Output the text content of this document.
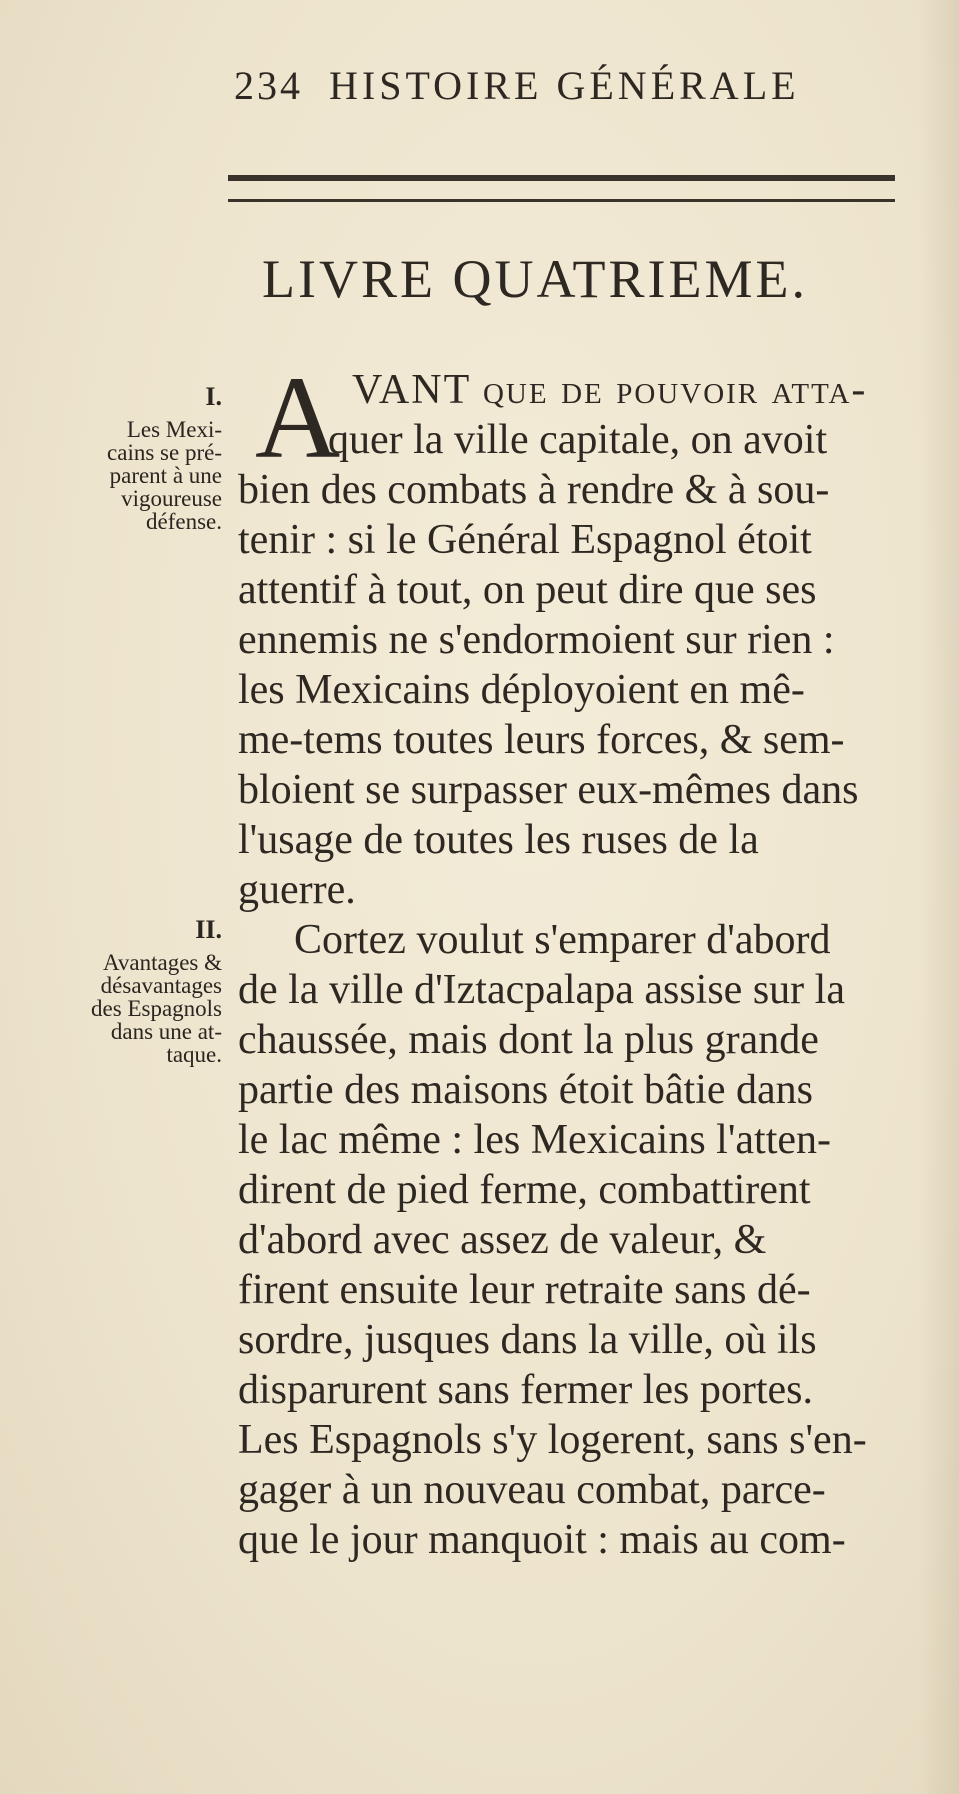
234 HISTOIRE GÉNÉRALE
LIVRE QUATRIEME.
I.
Les Mexi-
cains se pré-
parent à une
vigoureuse
défense.
II.
Avantages &
désavantages
des Espagnols
dans une at-
taque.
A VANT que de pouvoir atta-
quer la ville capitale, on avoit
bien des combats à rendre & à sou-
tenir : si le Général Espagnol étoit
attentif à tout, on peut dire que ses
ennemis ne s'endormoient sur rien :
les Mexicains déployoient en mê-
me-tems toutes leurs forces, & sem-
bloient se surpasser eux-mêmes dans
l'usage de toutes les ruses de la
guerre.
Cortez voulut s'emparer d'abord
de la ville d'Iztacpalapa assise sur la
chaussée, mais dont la plus grande
partie des maisons étoit bâtie dans
le lac même : les Mexicains l'atten-
dirent de pied ferme, combattirent
d'abord avec assez de valeur, &
firent ensuite leur retraite sans dé-
sordre, jusques dans la ville, où ils
disparurent sans fermer les portes.
Les Espagnols s'y logerent, sans s'en-
gager à un nouveau combat, parce-
que le jour manquoit : mais au com-
